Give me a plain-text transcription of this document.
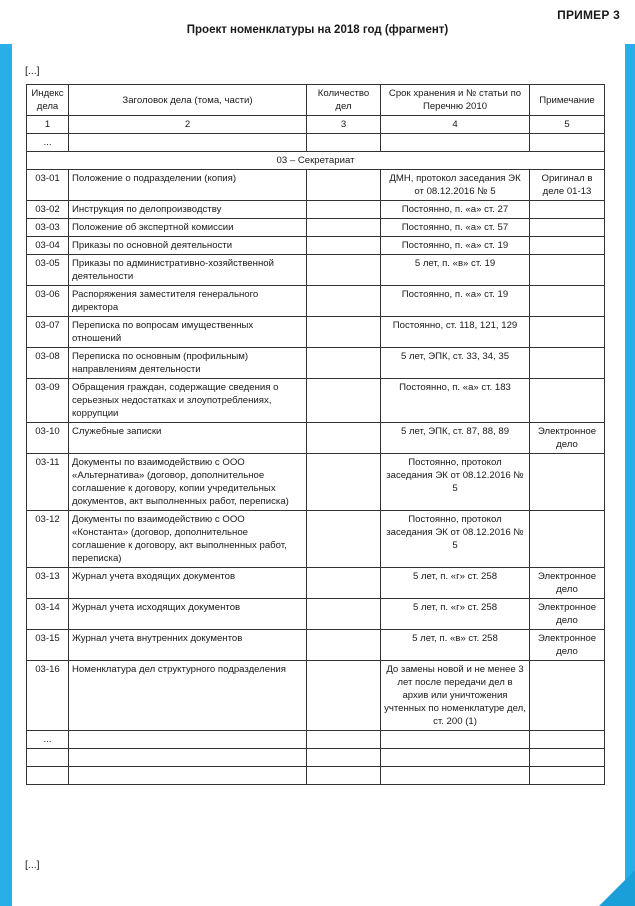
ПРИМЕР 3
Проект номенклатуры на 2018 год (фрагмент)
[...]
Индекс дела	Заголовок дела (тома, части)	Количество дел	Срок хранения и № статьи по Перечню 2010	Примечание
1	2	3	4	5
...				
03 – Секретариат				
03-01	Положение о подразделении (копия)		ДМН, протокол заседания ЭК от 08.12.2016 № 5	Оригинал в деле 01-13
03-02	Инструкция по делопроизводству		Постоянно, п. «а» ст. 27	
03-03	Положение об экспертной комиссии		Постоянно, п. «а» ст. 57	
03-04	Приказы по основной деятельности		Постоянно, п. «а» ст. 19	
03-05	Приказы по административно-хозяйственной деятельности		5 лет, п. «в» ст. 19	
03-06	Распоряжения заместителя генерального директора		Постоянно, п. «а» ст. 19	
03-07	Переписка по вопросам имущественных отношений		Постоянно, ст. 118, 121, 129	
03-08	Переписка по основным (профильным) направлениям деятельности		5 лет, ЭПК, ст. 33, 34, 35	
03-09	Обращения граждан, содержащие сведения о серьезных недостатках и злоупотреблениях, коррупции		Постоянно, п. «а» ст. 183	
03-10	Служебные записки		5 лет, ЭПК, ст. 87, 88, 89	Электронное дело
03-11	Документы по взаимодействию с ООО «Альтернатива» (договор, дополнительное соглашение к договору, копии учредительных документов, акт выполненных работ, переписка)		Постоянно, протокол заседания ЭК от 08.12.2016 № 5	
03-12	Документы по взаимодействию с ООО «Константа» (договор, дополнительное соглашение к договору, акт выполненных работ, переписка)		Постоянно, протокол заседания ЭК от 08.12.2016 № 5	
03-13	Журнал учета входящих документов		5 лет, п. «г» ст. 258	Электронное дело
03-14	Журнал учета исходящих документов		5 лет, п. «г» ст. 258	Электронное дело
03-15	Журнал учета внутренних документов		5 лет, п. «в» ст. 258	Электронное дело
03-16	Номенклатура дел структурного подразделения		До замены новой и не менее 3 лет после передачи дел в архив или уничтожения учтенных по номенклатуре дел, ст. 200 (1)	
...				

[...]
